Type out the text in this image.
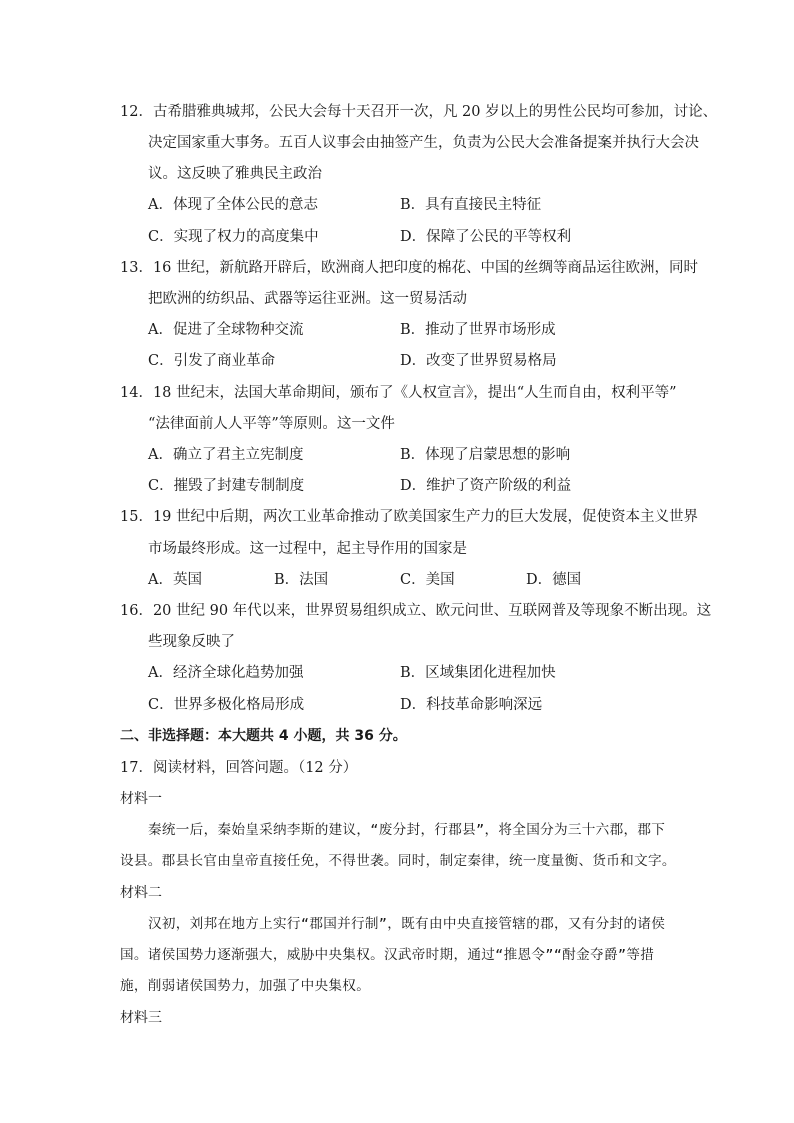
12．古希腊雅典城邦，公民大会每十天召开一次，凡 20 岁以上的男性公民均可参加，讨论、
决定国家重大事务。五百人议事会由抽签产生，负责为公民大会准备提案并执行大会决
议。这反映了雅典民主政治
A．体现了全体公民的意志	B．具有直接民主特征
C．实现了权力的高度集中	D．保障了公民的平等权利
13．16 世纪，新航路开辟后，欧洲商人把印度的棉花、中国的丝绸等商品运往欧洲，同时
把欧洲的纺织品、武器等运往亚洲。这一贸易活动
A．促进了全球物种交流	B．推动了世界市场形成
C．引发了商业革命	D．改变了世界贸易格局
14．18 世纪末，法国大革命期间，颁布了《人权宣言》，提出“人生而自由，权利平等”
“法律面前人人平等”等原则。这一文件
A．确立了君主立宪制度	B．体现了启蒙思想的影响
C．摧毁了封建专制制度	D．维护了资产阶级的利益
15．19 世纪中后期，两次工业革命推动了欧美国家生产力的巨大发展，促使资本主义世界
市场最终形成。这一过程中，起主导作用的国家是
A．英国	B．法国	C．美国	D．德国
16．20 世纪 90 年代以来，世界贸易组织成立、欧元问世、互联网普及等现象不断出现。这
些现象反映了
A．经济全球化趋势加强	B．区域集团化进程加快
C．世界多极化格局形成	D．科技革命影响深远
二、非选择题：本大题共 4 小题，共 36 分。
17．阅读材料，回答问题。（12 分）
材料一
秦统一后，秦始皇采纳李斯的建议，“废分封，行郡县”，将全国分为三十六郡，郡下
设县。郡县长官由皇帝直接任免，不得世袭。同时，制定秦律，统一度量衡、货币和文字。
材料二
汉初，刘邦在地方上实行“郡国并行制”，既有由中央直接管辖的郡，又有分封的诸侯
国。诸侯国势力逐渐强大，威胁中央集权。汉武帝时期，通过“推恩令”“酎金夺爵”等措
施，削弱诸侯国势力，加强了中央集权。
材料三
